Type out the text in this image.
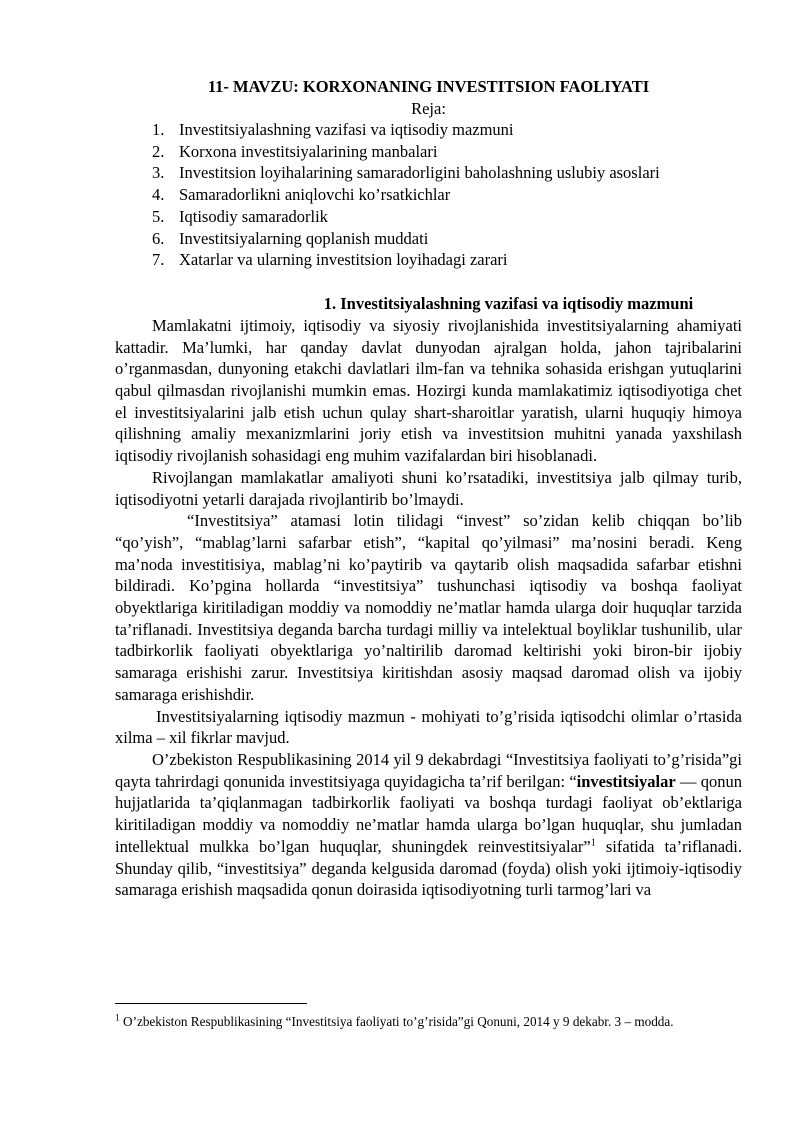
11- MAVZU: KORXONANING INVESTITSION FAOLIYATI

Reja:

1. Investitsiyalashning vazifasi va iqtisodiy mazmuni
2. Korxona investitsiyalarining manbalari
3. Investitsion loyihalarining samaradorligini baholashning uslubiy asoslari
4. Samaradorlikni aniqlovchi ko’rsatkichlar
5. Iqtisodiy samaradorlik
6. Investitsiyalarning qoplanish muddati
7. Xatarlar va ularning investitsion loyihadagi zarari

1. Investitsiyalashning vazifasi va iqtisodiy mazmuni

Mamlakatni ijtimoiy, iqtisodiy va siyosiy rivojlanishida investitsiyalarning ahamiyati kattadir. Ma’lumki, har qanday davlat dunyodan ajralgan holda, jahon tajribalarini o’rganmasdan, dunyoning etakchi davlatlari ilm-fan va tehnika sohasida erishgan yutuqlarini qabul qilmasdan rivojlanishi mumkin emas. Hozirgi kunda mamlakatimiz iqtisodiyotiga chet el investitsiyalarini jalb etish uchun qulay shart-sharoitlar yaratish, ularni huquqiy himoya qilishning amaliy mexanizmlarini joriy etish va investitsion muhitni yanada yaxshilash iqtisodiy rivojlanish sohasidagi eng muhim vazifalardan biri hisoblanadi.

Rivojlangan mamlakatlar amaliyoti shuni ko’rsatadiki, investitsiya jalb qilmay turib, iqtisodiyotni yetarli darajada rivojlantirib bo’lmaydi.

“Investitsiya” atamasi lotin tilidagi “invest” so’zidan kelib chiqqan bo’lib “qo’yish”, “mablag’larni safarbar etish”, “kapital qo’yilmasi” ma’nosini beradi. Keng ma’noda investitisiya, mablag’ni ko’paytirib va qaytarib olish maqsadida safarbar etishni bildiradi. Ko’pgina hollarda “investitsiya” tushunchasi iqtisodiy va boshqa faoliyat obyektlariga kiritiladigan moddiy va nomoddiy ne’matlar hamda ularga doir huquqlar tarzida ta’riflanadi. Investitsiya deganda barcha turdagi milliy va intelektual boyliklar tushunilib, ular tadbirkorlik faoliyati obyektlariga yo’naltirilib daromad keltirishi yoki biron-bir ijobiy samaraga erishishi zarur. Investitsiya kiritishdan asosiy maqsad daromad olish va ijobiy samaraga erishishdir.

Investitsiyalarning iqtisodiy mazmun - mohiyati to’g’risida iqtisodchi olimlar o’rtasida xilma – xil fikrlar mavjud.

O’zbekiston Respublikasining 2014 yil 9 dekabrdagi “Investitsiya faoliyati to’g’risida”gi qayta tahrirdagi qonunida investitsiyaga quyidagicha ta’rif berilgan: “investitsiyalar — qonun hujjatlarida ta’qiqlanmagan tadbirkorlik faoliyati va boshqa turdagi faoliyat ob’ektlariga kiritiladigan moddiy va nomoddiy ne’matlar hamda ularga bo’lgan huquqlar, shu jumladan intellektual mulkka bo’lgan huquqlar, shuningdek reinvestitsiyalar”$^1$ sifatida ta’riflanadi. Shunday qilib, “investitsiya” deganda kelgusida daromad (foyda) olish yoki ijtimoiy-iqtisodiy samaraga erishish maqsadida qonun doirasida iqtisodiyotning turli tarmog’lari va

$^1$ O’zbekiston Respublikasining “Investitsiya faoliyati to’g’risida”gi Qonuni, 2014 y 9 dekabr. 3 – modda.
